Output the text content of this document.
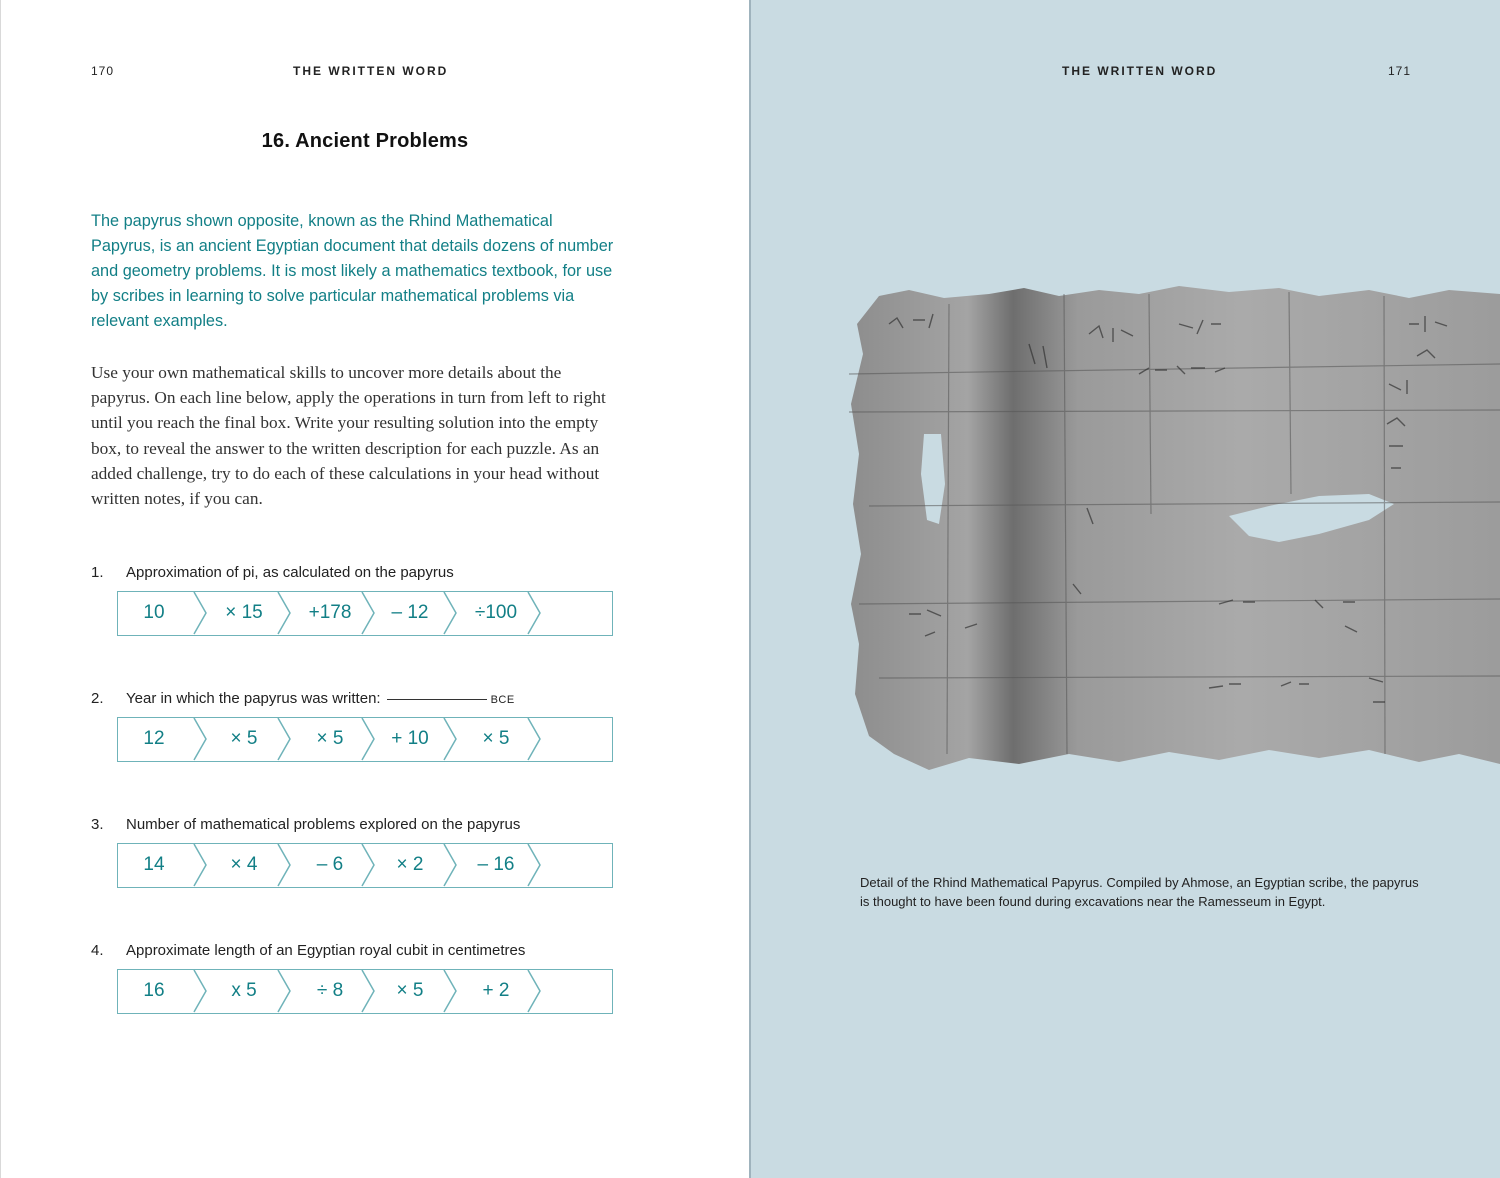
170	THE WRITTEN WORD
16. Ancient Problems

The papyrus shown opposite, known as the Rhind Mathematical Papyrus, is an ancient Egyptian document that details dozens of number and geometry problems. It is most likely a mathematics textbook, for use by scribes in learning to solve particular mathematical problems via relevant examples.

Use your own mathematical skills to uncover more details about the papyrus. On each line below, apply the operations in turn from left to right until you reach the final box. Write your resulting solution into the empty box, to reveal the answer to the written description for each puzzle. As an added challenge, try to do each of these calculations in your head without written notes, if you can.

1. Approximation of pi, as calculated on the papyrus
10	× 15	+178	– 12	÷100
2. Year in which the papyrus was written:	BCE
12	× 5	× 5	+ 10	× 5
3. Number of mathematical problems explored on the papyrus
14	× 4	– 6	× 2	– 16
4. Approximate length of an Egyptian royal cubit in centimetres
16	x 5	÷ 8	× 5	+ 2
THE WRITTEN WORD	171

Detail of the Rhind Mathematical Papyrus. Compiled by Ahmose, an Egyptian scribe, the papyrus is thought to have been found during excavations near the Ramesseum in Egypt.
